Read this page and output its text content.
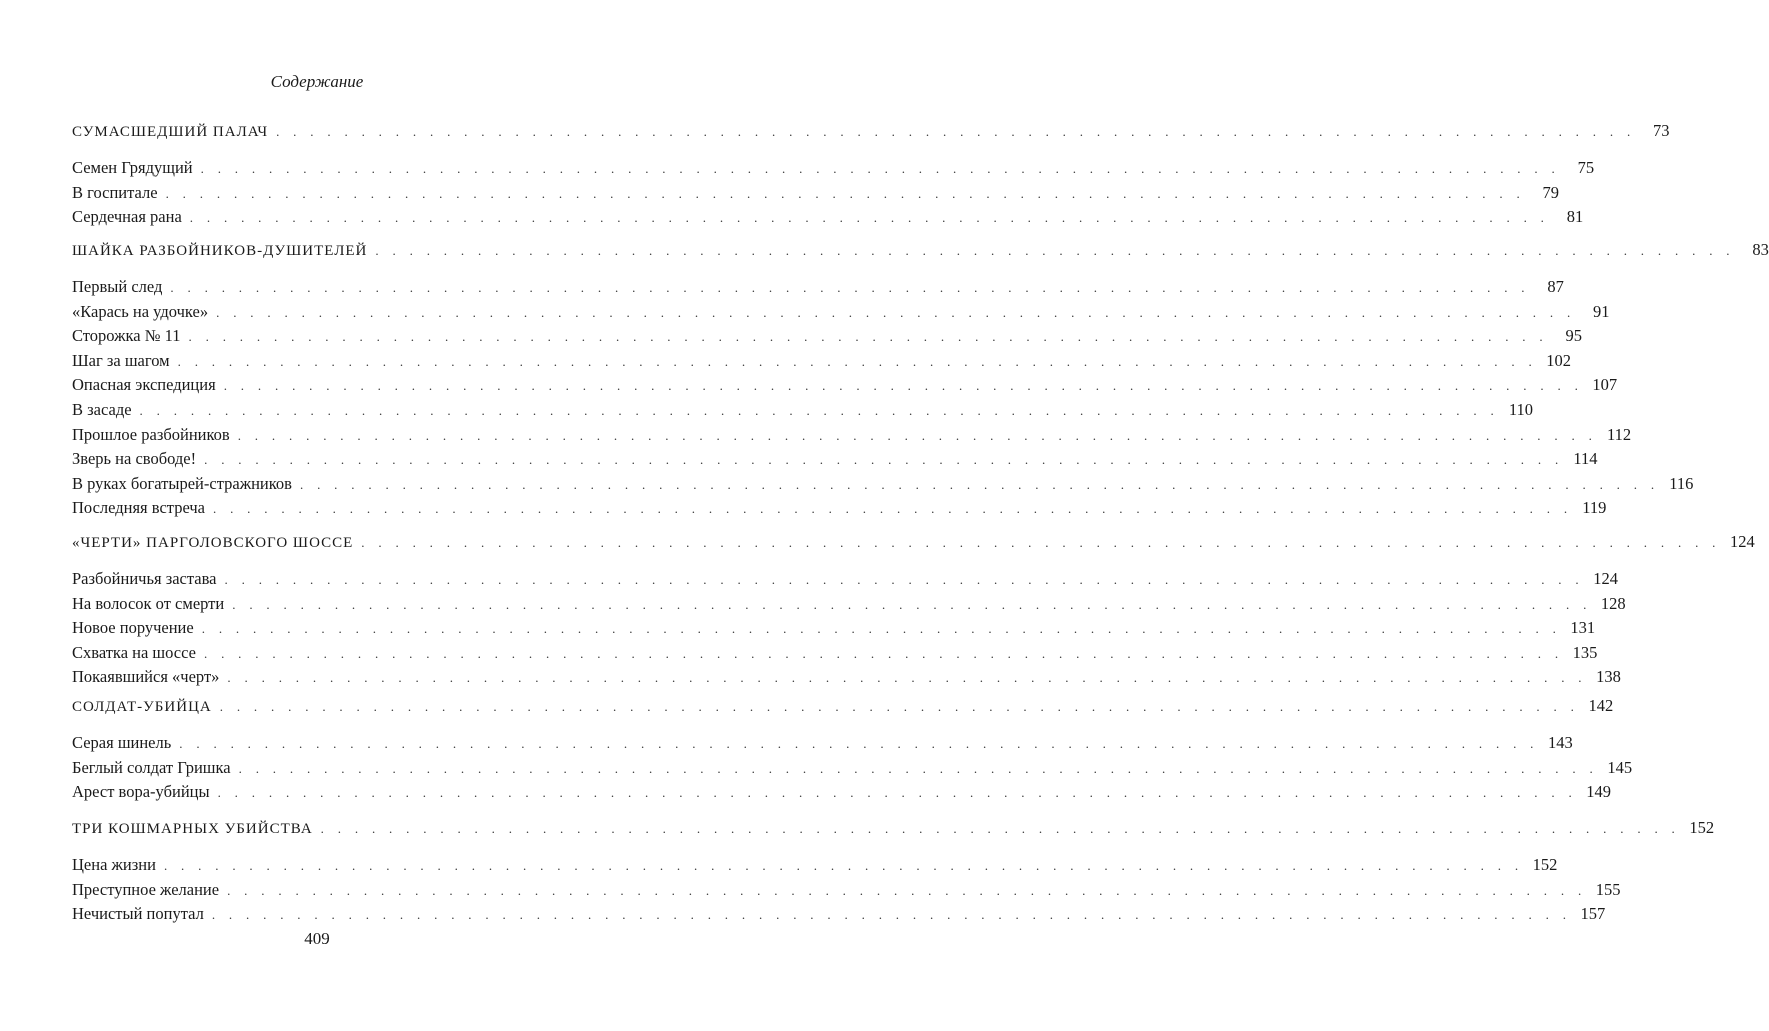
Содержание
СУМАСШЕДШИЙ ПАЛАЧ . . . . . . . . . . . . . . . . . . . . . . . . . . . . . . . . . . . . . . . . . . . . . . . . . . . . . . . . . . . . . . . . . . . . . . . . . . . . . . . .	73
Семен Грядущий . . . . . . . . . . . . . . . . . . . . . . . . . . . . . . . . . . . . . . . . . . . . . . . . . . . . . . . . . . . . . . . . . . . . . . . . . . . . . . . .	75
В госпитале . . . . . . . . . . . . . . . . . . . . . . . . . . . . . . . . . . . . . . . . . . . . . . . . . . . . . . . . . . . . . . . . . . . . . . . . . . . . . . . .	79
Сердечная рана . . . . . . . . . . . . . . . . . . . . . . . . . . . . . . . . . . . . . . . . . . . . . . . . . . . . . . . . . . . . . . . . . . . . . . . . . . . . . . . .	81
ШАЙКА РАЗБОЙНИКОВ-ДУШИТЕЛЕЙ . . . . . . . . . . . . . . . . . . . . . . . . . . . . . . . . . . . . . . . . . . . . . . . . . . . . . . . . . . . . . . . . . . . . . . . . . . . . . . . .	83
Первый след . . . . . . . . . . . . . . . . . . . . . . . . . . . . . . . . . . . . . . . . . . . . . . . . . . . . . . . . . . . . . . . . . . . . . . . . . . . . . . . .	87
«Карась на удочке» . . . . . . . . . . . . . . . . . . . . . . . . . . . . . . . . . . . . . . . . . . . . . . . . . . . . . . . . . . . . . . . . . . . . . . . . . . . . . . . .	91
Сторожка № 11 . . . . . . . . . . . . . . . . . . . . . . . . . . . . . . . . . . . . . . . . . . . . . . . . . . . . . . . . . . . . . . . . . . . . . . . . . . . . . . . .	95
Шаг за шагом . . . . . . . . . . . . . . . . . . . . . . . . . . . . . . . . . . . . . . . . . . . . . . . . . . . . . . . . . . . . . . . . . . . . . . . . . . . . . . . . 102
Опасная экспедиция . . . . . . . . . . . . . . . . . . . . . . . . . . . . . . . . . . . . . . . . . . . . . . . . . . . . . . . . . . . . . . . . . . . . . . . . . . . . . . . . 107
В засаде . . . . . . . . . . . . . . . . . . . . . . . . . . . . . . . . . . . . . . . . . . . . . . . . . . . . . . . . . . . . . . . . . . . . . . . . . . . . . . . . 110
Прошлое разбойников . . . . . . . . . . . . . . . . . . . . . . . . . . . . . . . . . . . . . . . . . . . . . . . . . . . . . . . . . . . . . . . . . . . . . . . . . . . . . . . . 112
Зверь на свободе! . . . . . . . . . . . . . . . . . . . . . . . . . . . . . . . . . . . . . . . . . . . . . . . . . . . . . . . . . . . . . . . . . . . . . . . . . . . . . . . . 114
В руках богатырей-стражников . . . . . . . . . . . . . . . . . . . . . . . . . . . . . . . . . . . . . . . . . . . . . . . . . . . . . . . . . . . . . . . . . . . . . . . . . . . . . . . . 116
Последняя встреча . . . . . . . . . . . . . . . . . . . . . . . . . . . . . . . . . . . . . . . . . . . . . . . . . . . . . . . . . . . . . . . . . . . . . . . . . . . . . . . . 119
«ЧЕРТИ» ПАРГОЛОВСКОГО ШОССЕ . . . . . . . . . . . . . . . . . . . . . . . . . . . . . . . . . . . . . . . . . . . . . . . . . . . . . . . . . . . . . . . . . . . . . . . . . . . . . . . . 124
Разбойничья застава . . . . . . . . . . . . . . . . . . . . . . . . . . . . . . . . . . . . . . . . . . . . . . . . . . . . . . . . . . . . . . . . . . . . . . . . . . . . . . . . 124
На волосок от смерти . . . . . . . . . . . . . . . . . . . . . . . . . . . . . . . . . . . . . . . . . . . . . . . . . . . . . . . . . . . . . . . . . . . . . . . . . . . . . . . . 128
Новое поручение . . . . . . . . . . . . . . . . . . . . . . . . . . . . . . . . . . . . . . . . . . . . . . . . . . . . . . . . . . . . . . . . . . . . . . . . . . . . . . . . 131
Схватка на шоссе . . . . . . . . . . . . . . . . . . . . . . . . . . . . . . . . . . . . . . . . . . . . . . . . . . . . . . . . . . . . . . . . . . . . . . . . . . . . . . . . 135
Покаявшийся «черт» . . . . . . . . . . . . . . . . . . . . . . . . . . . . . . . . . . . . . . . . . . . . . . . . . . . . . . . . . . . . . . . . . . . . . . . . . . . . . . . . 138
СОЛДАТ-УБИЙЦА . . . . . . . . . . . . . . . . . . . . . . . . . . . . . . . . . . . . . . . . . . . . . . . . . . . . . . . . . . . . . . . . . . . . . . . . . . . . . . . . 142
Серая шинель . . . . . . . . . . . . . . . . . . . . . . . . . . . . . . . . . . . . . . . . . . . . . . . . . . . . . . . . . . . . . . . . . . . . . . . . . . . . . . . . 143
Беглый солдат Гришка . . . . . . . . . . . . . . . . . . . . . . . . . . . . . . . . . . . . . . . . . . . . . . . . . . . . . . . . . . . . . . . . . . . . . . . . . . . . . . . . 145
Арест вора-убийцы . . . . . . . . . . . . . . . . . . . . . . . . . . . . . . . . . . . . . . . . . . . . . . . . . . . . . . . . . . . . . . . . . . . . . . . . . . . . . . . . 149
ТРИ КОШМАРНЫХ УБИЙСТВА . . . . . . . . . . . . . . . . . . . . . . . . . . . . . . . . . . . . . . . . . . . . . . . . . . . . . . . . . . . . . . . . . . . . . . . . . . . . . . . . 152
Цена жизни . . . . . . . . . . . . . . . . . . . . . . . . . . . . . . . . . . . . . . . . . . . . . . . . . . . . . . . . . . . . . . . . . . . . . . . . . . . . . . . . 152
Преступное желание . . . . . . . . . . . . . . . . . . . . . . . . . . . . . . . . . . . . . . . . . . . . . . . . . . . . . . . . . . . . . . . . . . . . . . . . . . . . . . . . 155
Нечистый попутал . . . . . . . . . . . . . . . . . . . . . . . . . . . . . . . . . . . . . . . . . . . . . . . . . . . . . . . . . . . . . . . . . . . . . . . . . . . . . . . . 157
409
